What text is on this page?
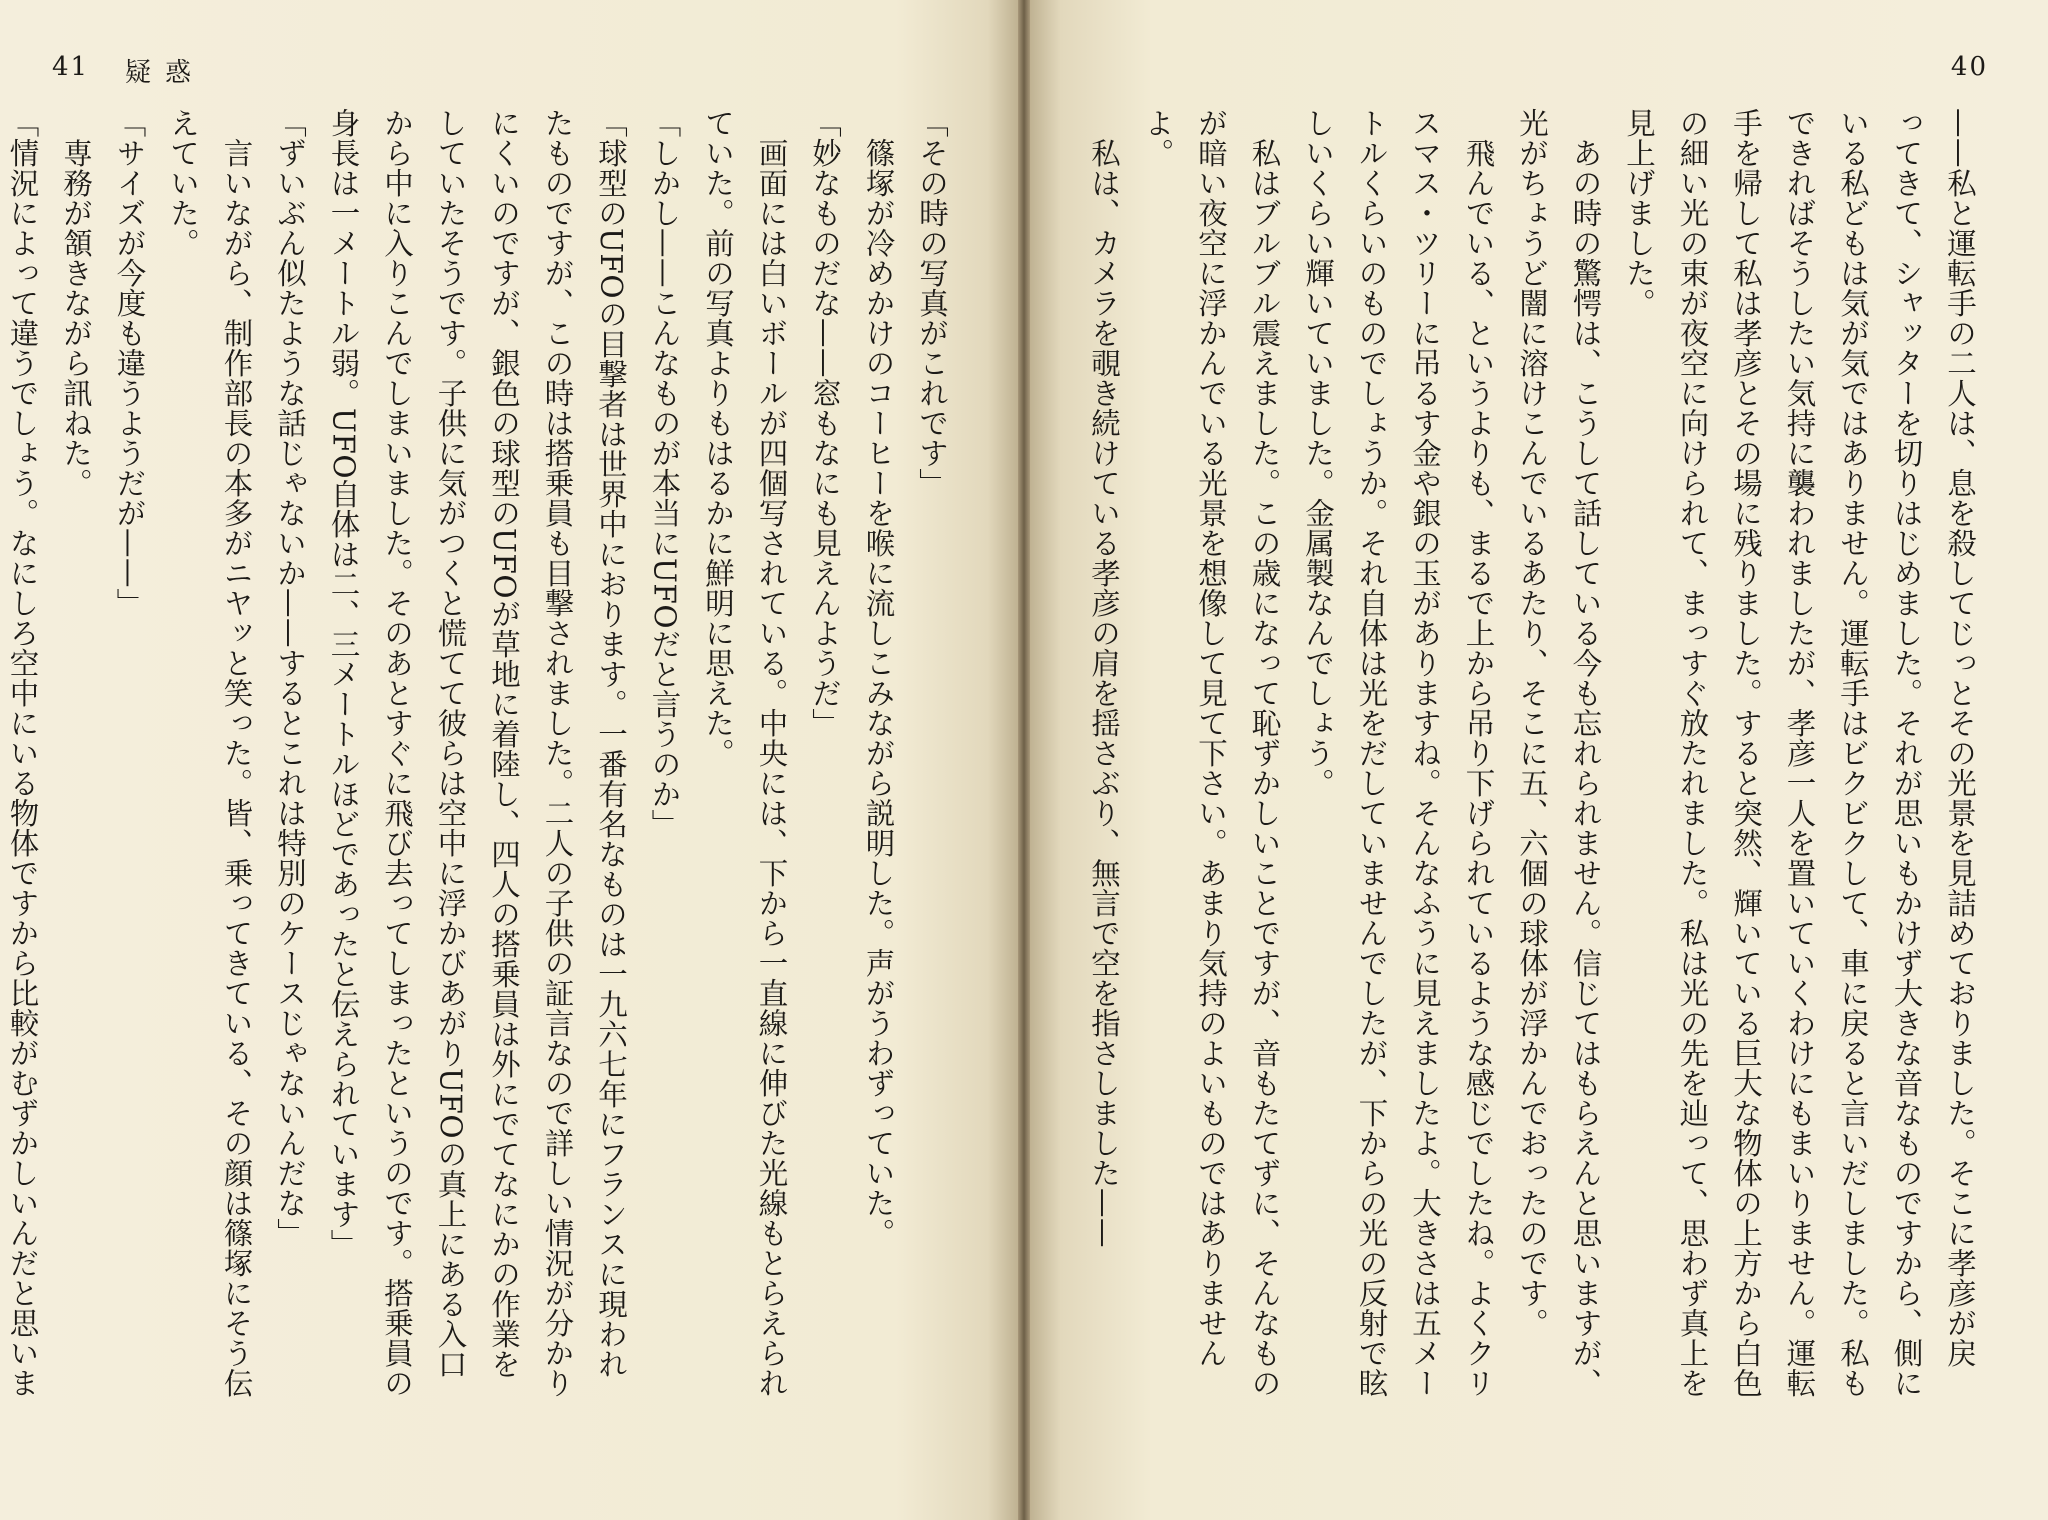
41 疑惑
「その時の写真がこれです」
篠塚が冷めかけのコーヒーを喉に流しこみながら説明した。声がうわずっていた。
「妙なものだな——窓もなにも見えんようだ」
画面には白いボールが四個写されている。中央には、下から一直線に伸びた光線もとらえられ
ていた。前の写真よりもはるかに鮮明に思えた。
「しかし——こんなものが本当にUFOだと言うのか」
「球型のUFOの目撃者は世界中におります。一番有名なものは一九六七年にフランスに現われ
たものですが、この時は搭乗員も目撃されました。二人の子供の証言なので詳しい情況が分かり
にくいのですが、銀色の球型のUFOが草地に着陸し、四人の搭乗員は外にでてなにかの作業を
していたそうです。子供に気がつくと慌てて彼らは空中に浮かびあがりUFOの真上にある入口
から中に入りこんでしまいました。そのあとすぐに飛び去ってしまったというのです。搭乗員の
身長は一メートル弱。UFO自体は二、三メートルほどであったと伝えられています」
「ずいぶん似たような話じゃないか——するとこれは特別のケースじゃないんだな」
言いながら、制作部長の本多がニヤッと笑った。皆、乗ってきている、その顔は篠塚にそう伝
えていた。
「サイズが今度も違うようだが——」
専務が頷きながら訊ねた。
「情況によって違うでしょう。なにしろ空中にいる物体ですから比較がむずかしいんだと思いま
40
——私と運転手の二人は、息を殺してじっとその光景を見詰めておりました。そこに孝彦が戻
ってきて、シャッターを切りはじめました。それが思いもかけず大きな音なものですから、側に
いる私どもは気が気ではありません。運転手はビクビクして、車に戻ると言いだしました。私も
できればそうしたい気持に襲われましたが、孝彦一人を置いていくわけにもまいりません。運転
手を帰して私は孝彦とその場に残りました。すると突然、輝いている巨大な物体の上方から白色
の細い光の束が夜空に向けられて、まっすぐ放たれました。私は光の先を辿って、思わず真上を
見上げました。
あの時の驚愕は、こうして話している今も忘れられません。信じてはもらえんと思いますが、
光がちょうど闇に溶けこんでいるあたり、そこに五、六個の球体が浮かんでおったのです。
飛んでいる、というよりも、まるで上から吊り下げられているような感じでしたね。よくクリ
スマス・ツリーに吊るす金や銀の玉がありますね。そんなふうに見えましたよ。大きさは五メー
トルくらいのものでしょうか。それ自体は光をだしていませんでしたが、下からの光の反射で眩
しいくらい輝いていました。金属製なんでしょう。
私はブルブル震えました。この歳になって恥ずかしいことですが、音もたてずに、そんなもの
が暗い夜空に浮かんでいる光景を想像して見て下さい。あまり気持のよいものではありません
よ。
私は、カメラを覗き続けている孝彦の肩を揺さぶり、無言で空を指さしました——
